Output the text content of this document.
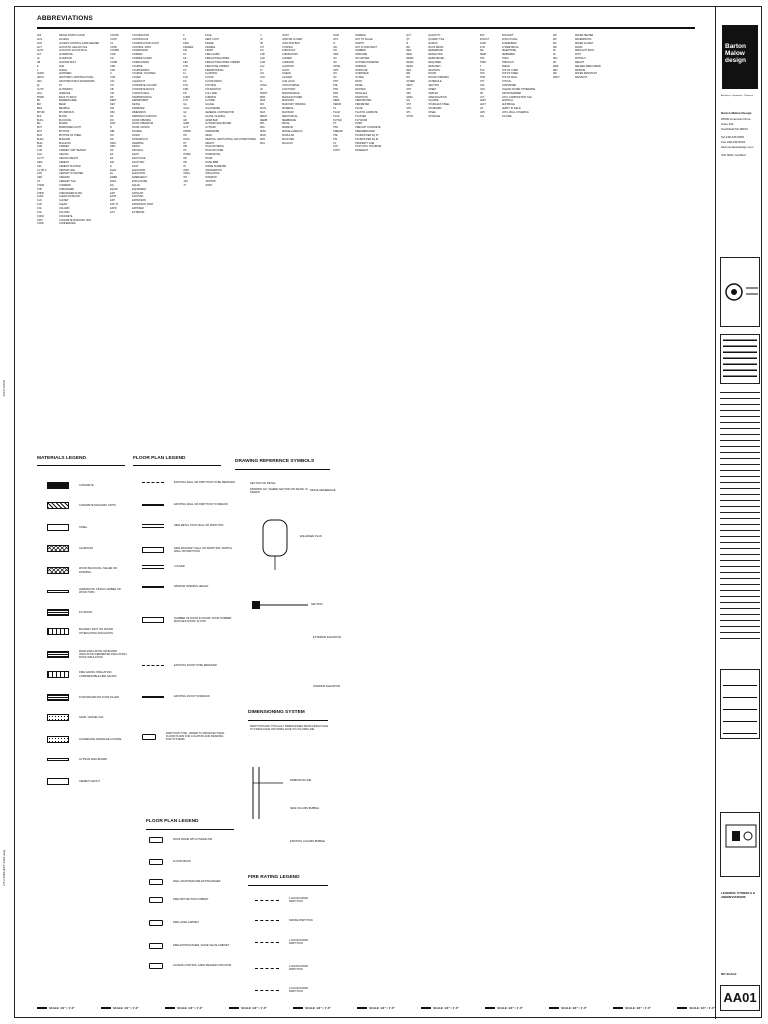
ABBREVIATIONS
AFF	ABOVE FINISH FLOOR
ACS	ACCESS
ACP	ACCESS CONTROL CARD READER
ACT	ACOUSTIC CEILING TILE
ACST	ACOUSTIC ACOUSTICAL
ALT	ALTERNATE
AL	ALUMINUM
AB	ANCHOR BOLT
&	AND
L	ANGLE
ANOD	ANODIZED
ARCH	ARCHITECT, ARCHITECTURAL
AWI	ARCHITECTURAL WOODWORK
@	AT
AUTO	AUTOMATIC
AVG	AVERAGE
BTWN	BACK TO BACK
BF	BARRIER FREE
BM	BEAM
BRG	BEARING
BITUM	BITUMINOUS
BLK	BLOCK
BLKG	BLOCKING
BD	BOARD
BOT	BORROWED LIGHT
BOT	BOTTOM
BOS	BOTTOM OF STEEL
BLDG	BUILDING
BULL	BULLETIN
CAB	CABINET
CUH	CABINET UNIT HEATER
CLG	CEILING
CL HT	CEILING HEIGHT
CEM	CEMENT
CPL	CEMENT PLASTER
CL OR C	CENTER LINE
CTR	CENTER TO CENTER
CER	CERAMIC
CT	CERAMIC TILE
CHAM	CHAMFER
CHK	CHECKERED
CHKR	CHECKERED PLATE
CLKR	CLEAR AIR BLOCK
CLO	CLOSET
CLR	CLEAR
COL	COLUMN
COL	COLUMN
CONC	CONCRETE
CMU	CONCRETE MASONRY UNIT
CONF	CONFERENCE
CONTR	CONTRACTOR
CONT	CONTINUOUS
CJ	CONSTRUCTION JOINT
CNTR	CONTROL JOINT
COORD	COORDINATE
COR	CORNER
CG	CORNER GUARD
CORR	CORRUGATED
CRS	COURSE
CSK	COUNTERSINK
C	COURSE, COURSES
CVR	COVER
C/O	CLEANOUT
CO	CONCRETE COLUMN
CB	CONCRETE BLOCK
CW	CURTAIN WALL
DP	DAMPPROOFING
DEPT	DEPARTMENT
DET	DETAIL
DIA	DIAMETER
DIM	DIMENSION
DF	DRINKING FOUNTAIN
DO	DOOR OPENING
DOP	DOOR OPERATOR
D	DOOR, DOORS
DBL	DOUBLE
DN	DOWN
DS	DOWNSPOUT
DWG	DRAWING
DRN	DRAIN
DF	DRYWALL
EA	EACH
EF	EACH FACE
EW	EACH WAY
E	EAST
ELEV	ELEVATION
EL	ELEVATION
EMER	EMERGENCY
ENCL	ENCLOSURE
EQ	EQUAL
EQUIP	EQUIPMENT
EXH	EXHAUST
EXST	EXISTING
EXP	EXPANSION
EXP JT	EXPANSION JOINT
EXPO	EXPOSED
EXT	EXTERIOR
F	FACE
FF	FEET, FOOT
FRM	FRAME
FRAMES	FRAMES
FIN	FINISH
FA	FIRE ALARM
FE	FIRE EXTINGUISHER
FEC	FIRE EXTINGUISHER CABINET
FHC	FIRE HOSE CABINET
FP	FIREPROOFING
FL	FLASHING
FLR	FLOOR
FD	FLOOR DRAIN
FTG	FOOTING
FDN	FOUNDATION
FR	FULL SIZE
FURR	FURRING
FUT	FUTURE
GA	GAUGE
GALV	GALVANIZED
GC	GENERAL CONTRACTOR
GL	GLASS, GLAZING
GB	GRAB BAR
GWB	GYPSUM WALLBOARD
GYP	GYPSUM
HDWR	HARDWARE
HD	HEAD
HVAC	HEATING, VENTILATING, AIR CONDITIONING
HT	HEIGHT
HM	HOLLOW METAL
HC	HOLLOW CORE
HORIZ	HORIZONTAL
HR	HOUR
HB	HOSE BIBB
ID	INSIDE DIAMETER
INFO	INFORMATION
INSUL	INSULATION
INT	INTERIOR
JAN	JANITOR
JT	JOINT
J	JOIST
JC	JANITOR CLOSET
JB	JUNCTION BOX
KIT	KITCHEN
KO	KNOCKOUT
LAB	LABORATORY
LAD	LADDER
LAM	LAMINATE
LAV	LAVATORY
LT	LIGHT
LIN	LINEAR
LKR	LOCKER
LL	LIVE LOAD
LONG	LONGITUDINAL
LP	LOW POINT
MAINT	MAINTENANCE
MFR	MANUFACTURER
MAS	MASONRY
MO	MASONRY OPENING
MATL	MATERIAL
MAX	MAXIMUM
MECH	MECHANICAL
MEMB	MEMBRANE
MTL	METAL
MIN	MINIMUM
MISC	MISCELLANEOUS
MOD	MODULAR
MTD	MOUNTED
MUL	MULLION
NOM	NOMINAL
NTS	NOT TO SCALE
N	NORTH
NIC	NOT IN CONTRACT
NO	NUMBER
OBS	OBSCURE
OC	ON CENTER
OD	OUTSIDE DIAMETER
OPNG	OPENING
OPP	OPPOSITE
OH	OVERHEAD
OZ	OUNCE
PNT	PAINT
PNL	PANEL
PTD	PAINTED
PAR	PARALLEL
PTN	PARTITION
PERF	PERFORATED
PERIM	PERIMETER
PL	PLATE
PLAM	PLASTIC LAMINATE
PLAS	PLASTER
PLYWD	PLYWOOD
PT	POINT
PCC	PRECAST CONCRETE
PREFAB	PREFABRICATED
PSF	POUNDS PER SQ FT
PSI	POUNDS PER SQ IN
PL	PROPERTY LINE
PVC	POLYVINYL CHLORIDE
PVMT	PAVEMENT
QTY	QUANTITY
QT	QUARRY TILE
R	RADIUS
RD	ROOF DRAIN
REF	REFERENCE
REFL	REFLECTED
REINF	REINFORCED
REQD	REQUIRED
RESIL	RESILIENT
REV	REVISION
RM	ROOM
RO	ROUGH OPENING
SCHED	SCHEDULE
SECT	SECTION
SHT	SHEET
SIM	SIMILAR
SPEC	SPECIFICATION
SQ	SQUARE
SST	STAINLESS STEEL
STD	STANDARD
STL	STEEL
STOR	STORAGE
STR	STRAIGHT
STRUCT	STRUCTURAL
SUSP	SUSPENDED
SYM	SYMMETRICAL
TEL	TELEPHONE
TEMP	TEMPERED
THK	THICK
THRU	THROUGH
T	TREAD
TOC	TOP OF CURB
TOS	TOP OF STEEL
TOW	TOP OF WALL
TYP	TYPICAL
UNF	UNFINISHED
UNO	UNLESS NOTED OTHERWISE
VB	VAPOR BARRIER
VCT	VINYL COMPOSITION TILE
VERT	VERTICAL
VEST	VESTIBULE
VIF	VERIFY IN FIELD
VWC	VINYL WALL COVERING
VOL	VOLUME
WH	WATER HEATER
WP	WATERPROOF
WC	WATER CLOSET
WD	WOOD
WI	WROUGHT IRON
W/	WITH
W/O	WITHOUT
WT	WEIGHT
WWF	WELDED WIRE FABRIC
WIN	WINDOW
WR	WATER RESISTANT
WSCT	WAINSCOT
MATERIALS LEGEND
CONCRETE
CONCRETE MASONRY UNITS
STEEL
ALUMINUM
WOOD BLOCKING, NAILER OR FRAMING
HARDWOOD, FINISH LUMBER OR WOOD TRIM
PLYWOOD
BLANKET, BATT OR SOUND ATTENUATING INSULATION
RIGID INSULATION OR BOARD INSULATION PERIMETER INSULATION, ROOF INSULATION
FIRE SAFING INSULATION COMPRESSIBLE FIRE SAFING
FOAM BOARD OR FOAM FILLER
SAND, GRAVEL FILL
AGGREGATE DRAINAGE COURSE
GYPSUM WALLBOARD
CEMENT GROUT
FLOOR PLAN LEGEND
EXISTING WALL OR PARTITION TO BE REMOVED
EXISTING WALL OR PARTITION TO REMAIN
NEW METAL STUD WALL OR PARTITION
NEW MASONRY WALL OR PARTITION; PARTIAL WALL OR PARTITION
LOUVER
WINDOW OPENING HEIGHT
NUMBER OF DOOR IN ROOM; DOOR NUMBER MATCHES ROOM; FLOOR
EXISTING DOOR TO BE REMOVED
EXISTING DOOR TO REMAIN
PARTITION TYPE - REFER TO ARCHITECTURAL FLOOR PLANS FOR LOCATION AND DRAWING FOR SYSTEMS
DRAWING REFERENCE SYMBOLS
SECTION OR DETAIL
DRAWING NO. WHERE SECTION OR DETAIL IS DRAWN
DETAIL REFERENCE
ENLARGED PLAN
SECTION
EXTERIOR ELEVATION
INTERIOR ELEVATION
DIMENSIONING SYSTEM
PARTITION AND TYPICALLY DIMENSIONED FROM FINISH FACE TO FINISH FACE OR FINISH FACE TO COLUMN LINE
DIMENSION LINE
NEW COLUMN BUBBLE
EXISTING COLUMN BUBBLE
FLOOR PLAN LEGEND
ROOF DRAIN WITH OVERFLOW
FLOOR DRAIN
WALL MOUNTED FIRE EXTINGUISHER
FIRE PROTECTION CABINET
FIRE HOSE CABINET
FIRE EXTINGUISHER / HOSE VALVE CABINET
ACCESS CONTROL CARD READER FOR DOOR
FIRE RATING LEGEND
1 HOUR RATED PARTITION
SMOKE PARTITION
1 HOUR RATED PARTITION
2 HOUR RATED PARTITION
3 HOUR RATED PARTITION
SCALE: 1/4" = 1'-0"	SCALE: 1/4" = 1'-0"	SCALE: 1/4" = 1'-0"	SCALE: 1/4" = 1'-0"	SCALE: 1/4" = 1'-0"	SCALE: 1/4" = 1'-0"	SCALE: 1/4" = 1'-0"	SCALE: 1/4" = 1'-0"	SCALE: 1/4" = 1'-0"	SCALE: 1/4" = 1'-0"	SCALE: 1/4" = 1'-0"
Barton
Malow
design
Architects · Engineers · Planners
Barton Malow Design
26500 American Drive
Suite 401
Southfield MI 48034
Tel 248.436.5000
Fax 248.436.5001
bartonmalowdesign.com
ISO 9001 Certified
LEGENDS, SYMBOLS & ABBREVIATIONS
NO SCALE
AA01
PLOT DATE
2:5:2-PROJECT:AA01.dwg
